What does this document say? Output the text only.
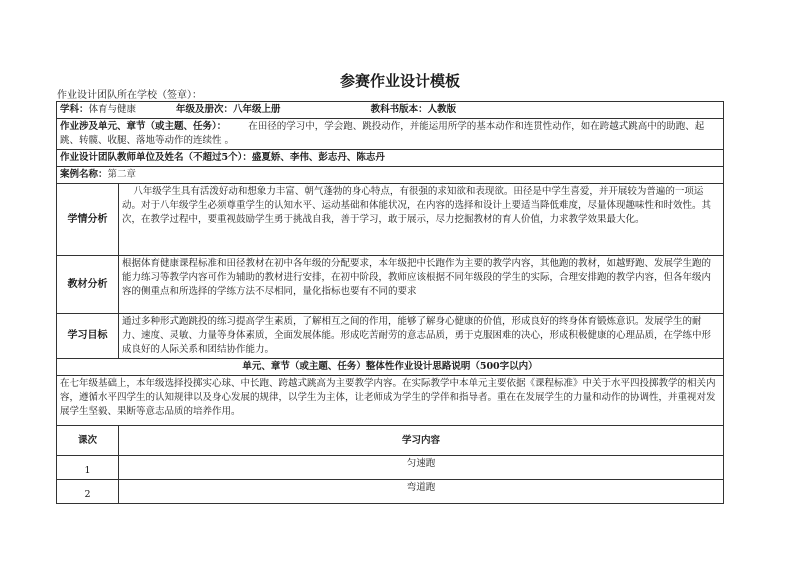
参赛作业设计模板
作业设计团队所在学校（签章）：
学科：体育与健康 年级及册次：八年级上册 教科书版本：人教版	
作业涉及单元、章节（或主题、任务）： 在田径的学习中，学会跑、跳投动作，并能运用所学的基本动作和连贯性动作，如在跨越式跳高中的助跑、起跳、转髋、收腿、落地等动作的连续性 。	
作业设计团队教师单位及姓名（不超过5个）：盛夏娇、李伟、彭志丹、陈志丹	
案例名称：第二章	
学情分析	八年级学生具有活泼好动和想象力丰富、朝气蓬勃的身心特点，有很强的求知欲和表现欲。田径是中学生喜爱，并开展较为普遍的一项运动。对于八年级学生必须尊重学生的认知水平、运动基础和体能状况，在内容的选择和设计上要适当降低难度，尽量体现趣味性和时效性。其次，在教学过程中，要重视鼓励学生勇于挑战自我，善于学习，敢于展示，尽力挖掘教材的育人价值，力求教学效果最大化。
教材分析	根据体育健康课程标准和田径教材在初中各年级的分配要求，本年级把中长跑作为主要的教学内容，其他跑的教材，如越野跑、发展学生跑的能力练习等教学内容可作为辅助的教材进行安排，在初中阶段，教师应该根据不同年级段的学生的实际，合理安排跑的教学内容，但各年级内容的侧重点和所选择的学练方法不尽相同，量化指标也要有不同的要求
学习目标	通过多种形式跑跳投的练习提高学生素质，了解相互之间的作用，能够了解身心健康的价值，形成良好的终身体育锻炼意识。发展学生的耐力、速度、灵敏、力量等身体素质，全面发展体能。形成吃苦耐劳的意志品质，勇于克服困难的决心，形成积极健康的心理品质，在学练中形成良好的人际关系和团结协作能力。
单元、章节（或主题、任务）整体性作业设计思路说明（500字以内）	
在七年级基础上，本年级选择投掷实心球、中长跑、跨越式跳高为主要教学内容。在实际教学中本单元主要依据《课程标准》中关于水平四投掷教学的相关内容，遵循水平四学生的认知规律以及身心发展的规律，以学生为主体，让老师成为学生的学伴和指导者。重在在发展学生的力量和动作的协调性，并重视对发展学生坚毅、果断等意志品质的培养作用。	
课次	学习内容
1	匀速跑
2	弯道跑
